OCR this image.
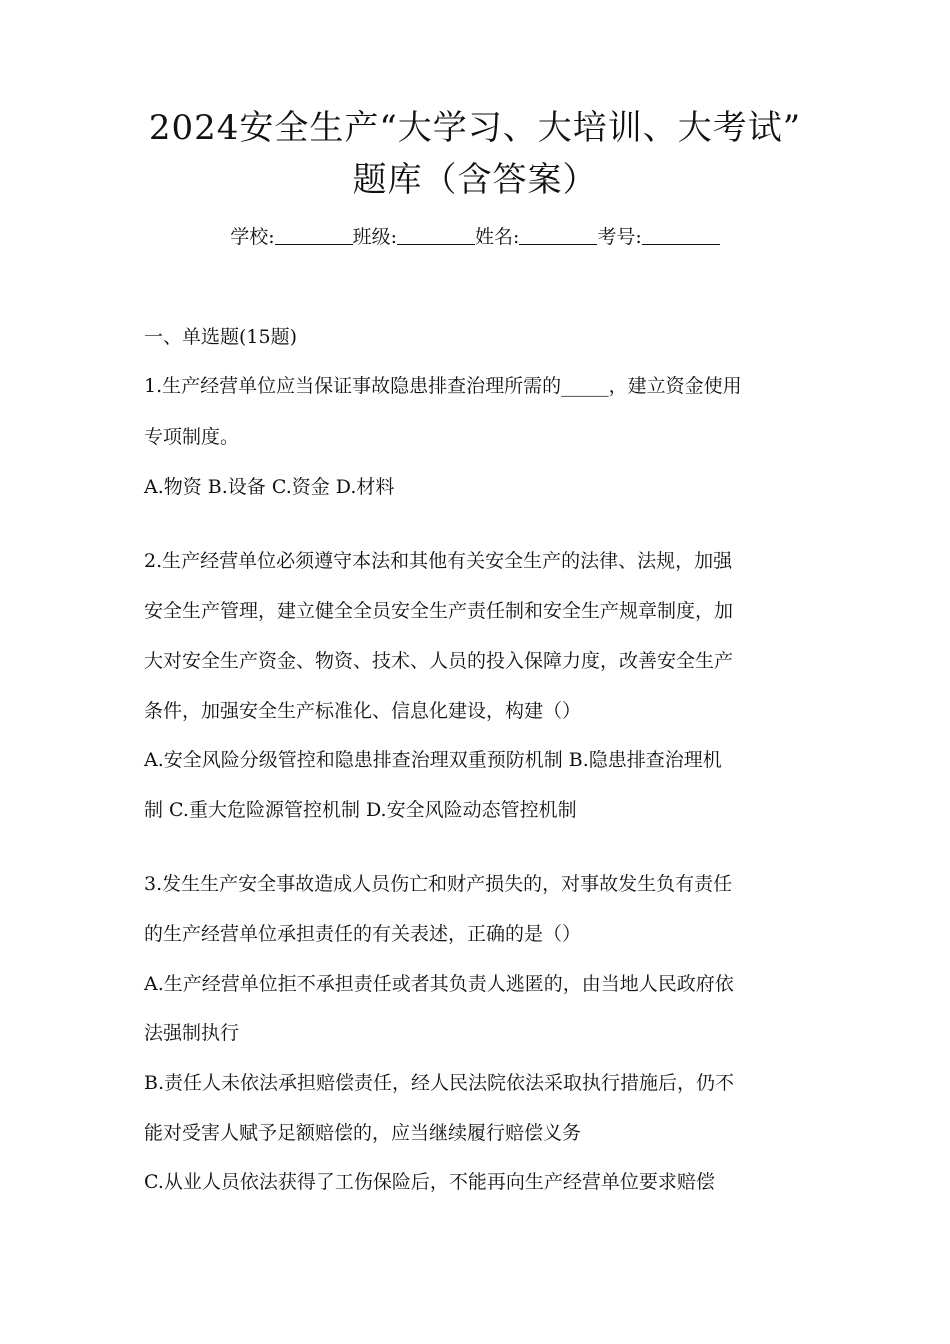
2024安全生产“大学习、大培训、大考试”
题库（含答案）
学校:	班级:	姓名:	考号:
一、单选题(15题)
1.生产经营单位应当保证事故隐患排查治理所需的_____，建立资金使用
专项制度。
A.物资 B.设备 C.资金 D.材料
2.生产经营单位必须遵守本法和其他有关安全生产的法律、法规，加强
安全生产管理，建立健全全员安全生产责任制和安全生产规章制度，加
大对安全生产资金、物资、技术、人员的投入保障力度，改善安全生产
条件，加强安全生产标准化、信息化建设，构建（）
A.安全风险分级管控和隐患排查治理双重预防机制 B.隐患排查治理机
制 C.重大危险源管控机制 D.安全风险动态管控机制
3.发生生产安全事故造成人员伤亡和财产损失的，对事故发生负有责任
的生产经营单位承担责任的有关表述，正确的是（）
A.生产经营单位拒不承担责任或者其负责人逃匿的，由当地人民政府依
法强制执行
B.责任人未依法承担赔偿责任，经人民法院依法采取执行措施后，仍不
能对受害人赋予足额赔偿的，应当继续履行赔偿义务
C.从业人员依法获得了工伤保险后，不能再向生产经营单位要求赔偿
